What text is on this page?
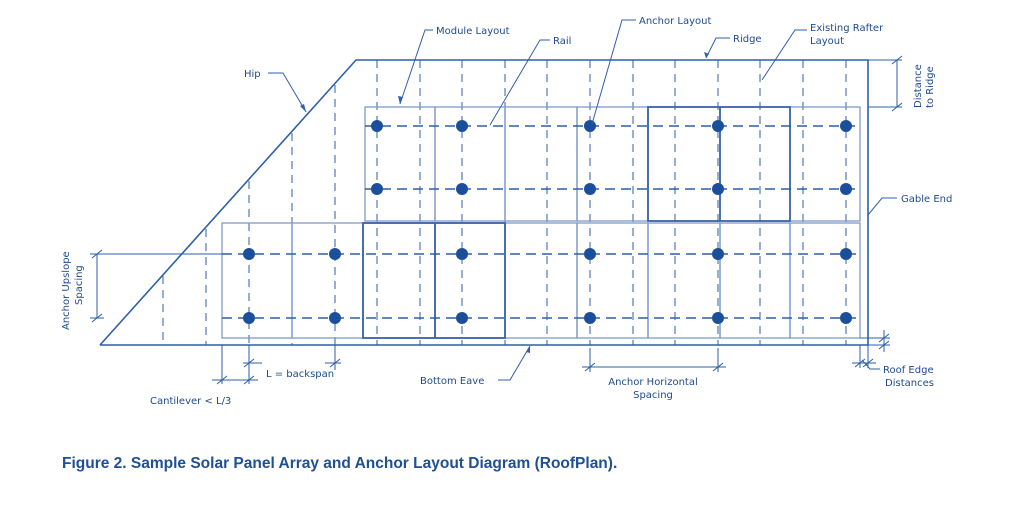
Module Layout
Rail
Anchor Layout
Ridge
Existing Rafter
Layout
Hip
Gable End
L = backspan
Bottom Eave	Anchor Horizontal
Spacing
Roof Edge
Distances
Cantilever < L/3
Distance to Ridge
Anchor Upslope Spacing

Figure 2. Sample Solar Panel Array and Anchor Layout Diagram (RoofPlan).
